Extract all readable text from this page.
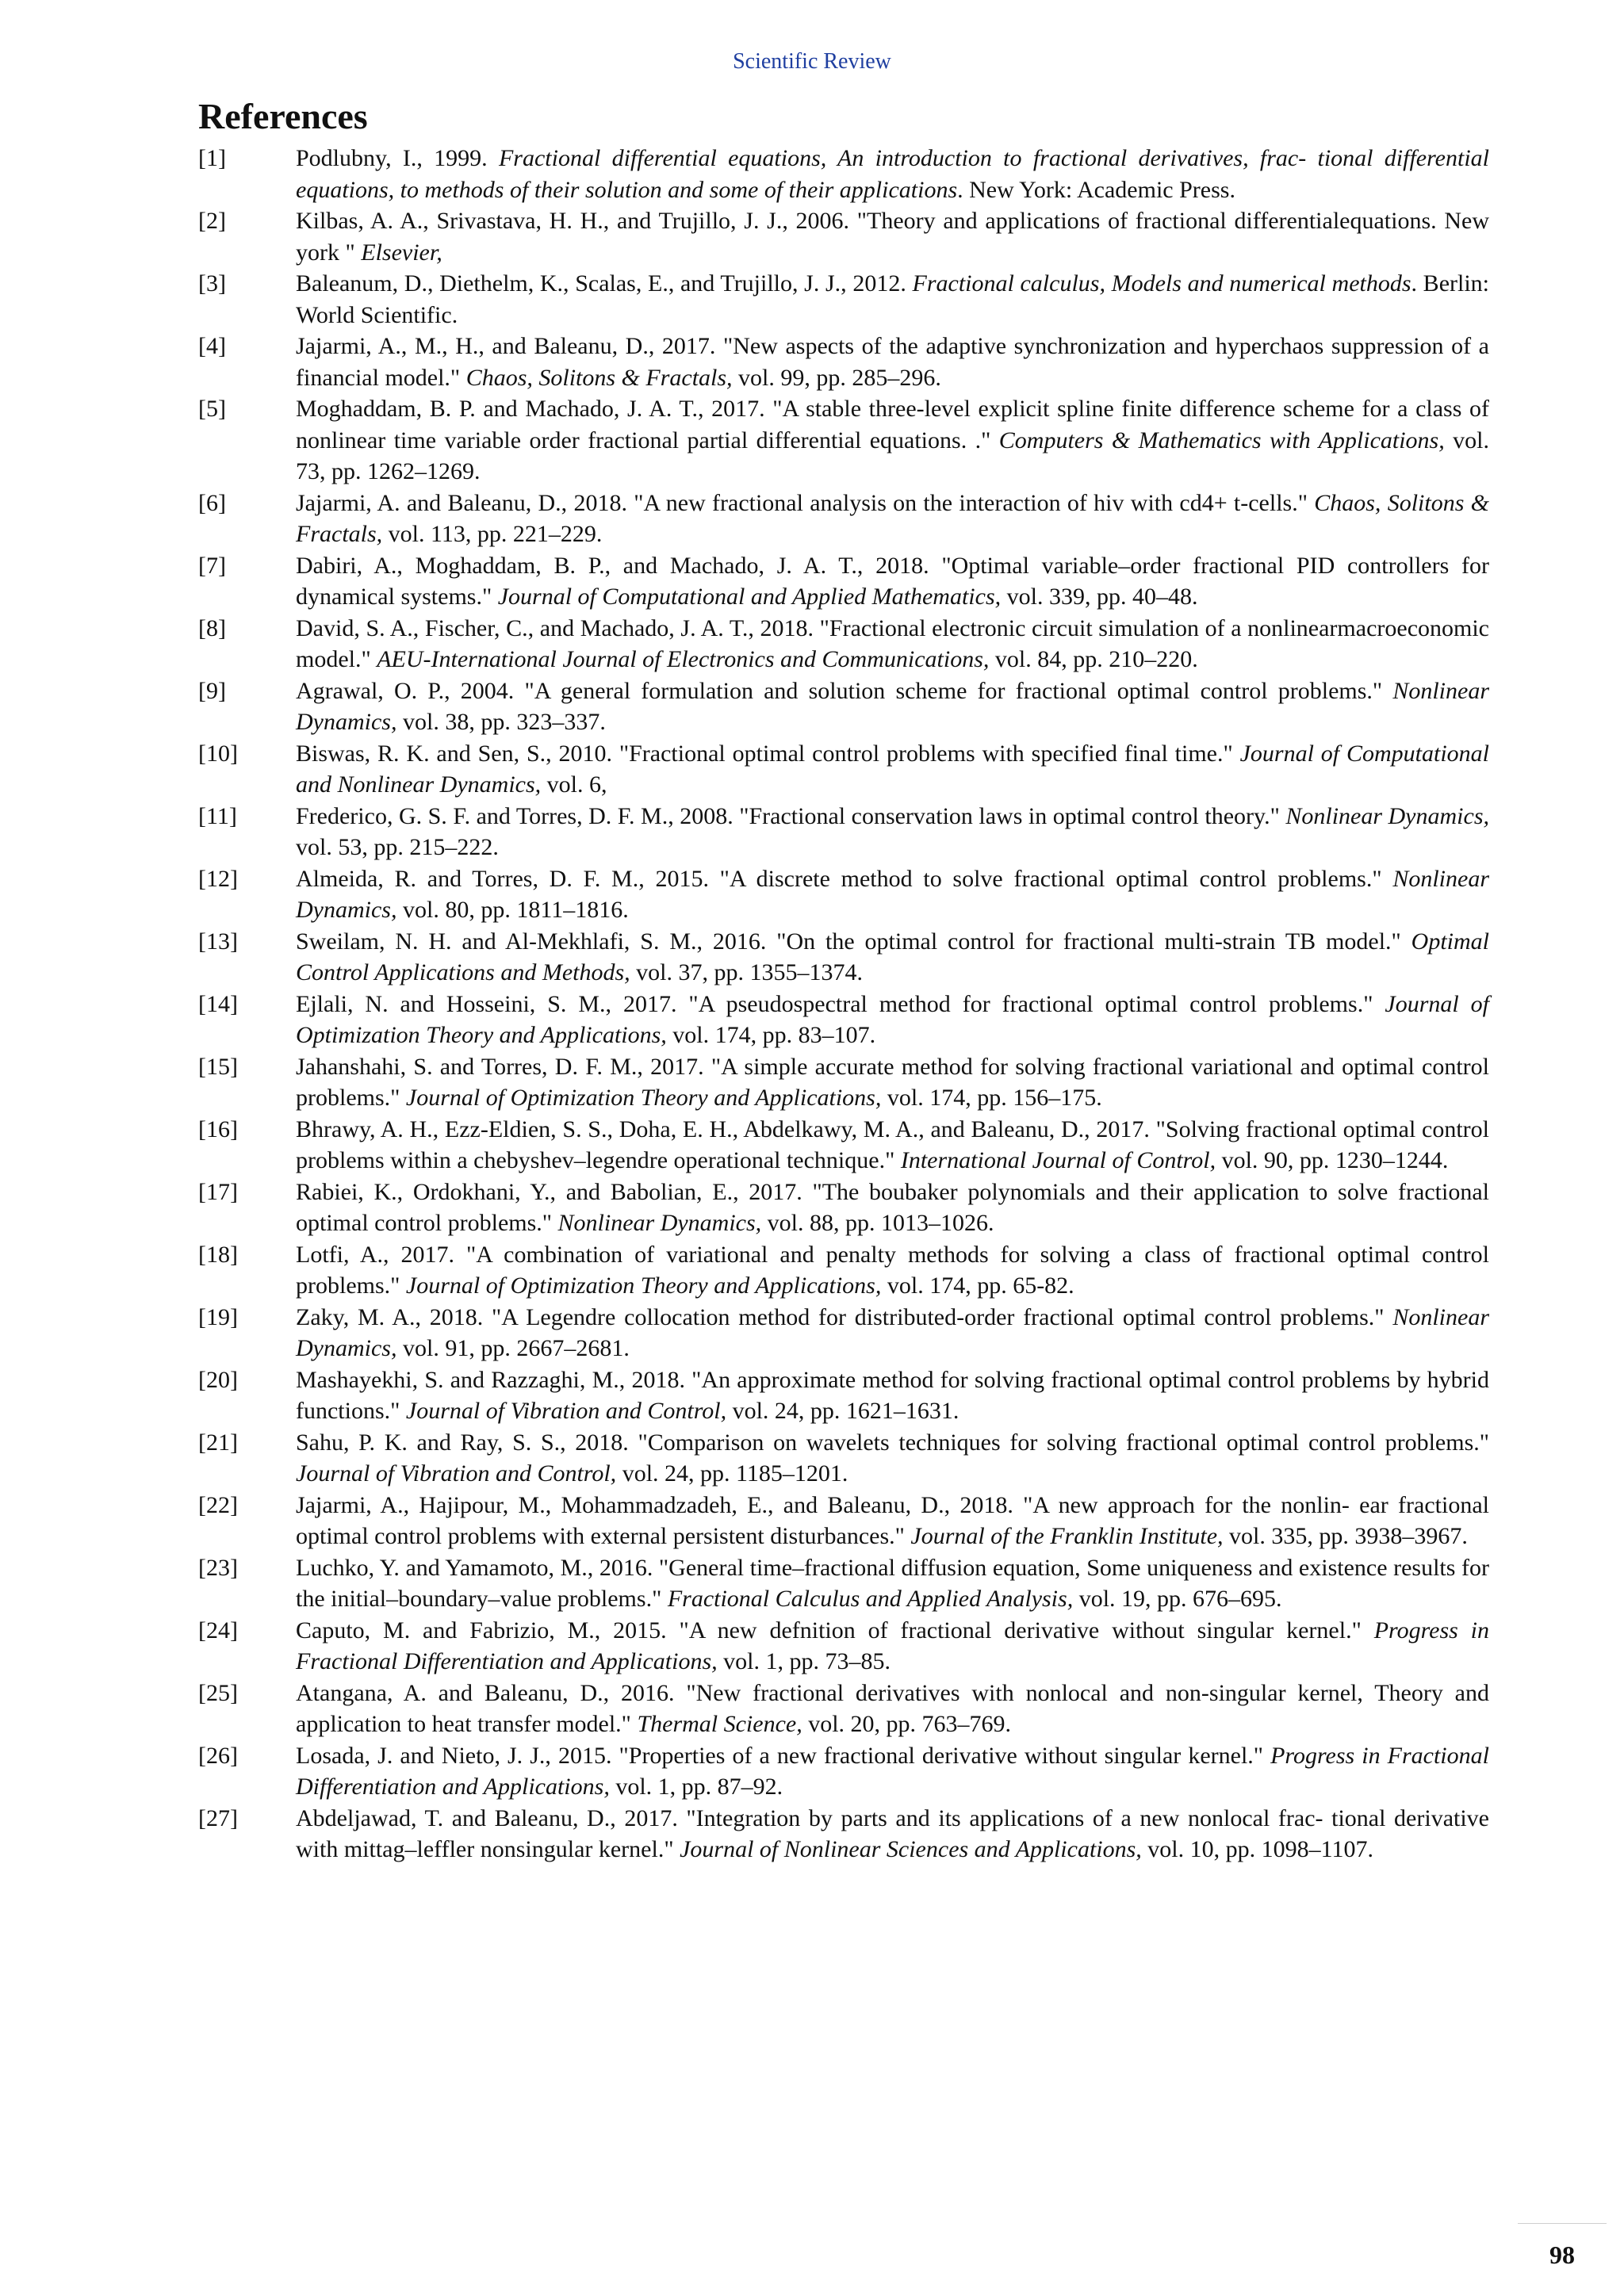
Scientific Review
References
[1]	Podlubny, I., 1999. Fractional differential equations, An introduction to fractional derivatives, frac- tional differential equations, to methods of their solution and some of their applications. New York: Academic Press.
[2]	Kilbas, A. A., Srivastava, H. H., and Trujillo, J. J., 2006. "Theory and applications of fractional differentialequations. New york " Elsevier,
[3]	Baleanum, D., Diethelm, K., Scalas, E., and Trujillo, J. J., 2012. Fractional calculus, Models and numerical methods. Berlin: World Scientific.
[4]	Jajarmi, A., M., H., and Baleanu, D., 2017. "New aspects of the adaptive synchronization and hyperchaos suppression of a financial model." Chaos, Solitons & Fractals, vol. 99, pp. 285–296.
[5]	Moghaddam, B. P. and Machado, J. A. T., 2017. "A stable three-level explicit spline finite difference scheme for a class of nonlinear time variable order fractional partial differential equations. ." Computers & Mathematics with Applications, vol. 73, pp. 1262–1269.
[6]	Jajarmi, A. and Baleanu, D., 2018. "A new fractional analysis on the interaction of hiv with cd4+ t-cells." Chaos, Solitons & Fractals, vol. 113, pp. 221–229.
[7]	Dabiri, A., Moghaddam, B. P., and Machado, J. A. T., 2018. "Optimal variable–order fractional PID controllers for dynamical systems." Journal of Computational and Applied Mathematics, vol. 339, pp. 40–48.
[8]	David, S. A., Fischer, C., and Machado, J. A. T., 2018. "Fractional electronic circuit simulation of a nonlinearmacroeconomic model." AEU-International Journal of Electronics and Communications, vol. 84, pp. 210–220.
[9]	Agrawal, O. P., 2004. "A general formulation and solution scheme for fractional optimal control problems." Nonlinear Dynamics, vol. 38, pp. 323–337.
[10]	Biswas, R. K. and Sen, S., 2010. "Fractional optimal control problems with specified final time." Journal of Computational and Nonlinear Dynamics, vol. 6,
[11]	Frederico, G. S. F. and Torres, D. F. M., 2008. "Fractional conservation laws in optimal control theory." Nonlinear Dynamics, vol. 53, pp. 215–222.
[12]	Almeida, R. and Torres, D. F. M., 2015. "A discrete method to solve fractional optimal control problems." Nonlinear Dynamics, vol. 80, pp. 1811–1816.
[13]	Sweilam, N. H. and Al-Mekhlafi, S. M., 2016. "On the optimal control for fractional multi-strain TB model." Optimal Control Applications and Methods, vol. 37, pp. 1355–1374.
[14]	Ejlali, N. and Hosseini, S. M., 2017. "A pseudospectral method for fractional optimal control problems." Journal of Optimization Theory and Applications, vol. 174, pp. 83–107.
[15]	Jahanshahi, S. and Torres, D. F. M., 2017. "A simple accurate method for solving fractional variational and optimal control problems." Journal of Optimization Theory and Applications, vol. 174, pp. 156–175.
[16]	Bhrawy, A. H., Ezz-Eldien, S. S., Doha, E. H., Abdelkawy, M. A., and Baleanu, D., 2017. "Solving fractional optimal control problems within a chebyshev–legendre operational technique." International Journal of Control, vol. 90, pp. 1230–1244.
[17]	Rabiei, K., Ordokhani, Y., and Babolian, E., 2017. "The boubaker polynomials and their application to solve fractional optimal control problems." Nonlinear Dynamics, vol. 88, pp. 1013–1026.
[18]	Lotfi, A., 2017. "A combination of variational and penalty methods for solving a class of fractional optimal control problems." Journal of Optimization Theory and Applications, vol. 174, pp. 65-82.
[19]	Zaky, M. A., 2018. "A Legendre collocation method for distributed-order fractional optimal control problems." Nonlinear Dynamics, vol. 91, pp. 2667–2681.
[20]	Mashayekhi, S. and Razzaghi, M., 2018. "An approximate method for solving fractional optimal control problems by hybrid functions." Journal of Vibration and Control, vol. 24, pp. 1621–1631.
[21]	Sahu, P. K. and Ray, S. S., 2018. "Comparison on wavelets techniques for solving fractional optimal control problems." Journal of Vibration and Control, vol. 24, pp. 1185–1201.
[22]	Jajarmi, A., Hajipour, M., Mohammadzadeh, E., and Baleanu, D., 2018. "A new approach for the nonlin- ear fractional optimal control problems with external persistent disturbances." Journal of the Franklin Institute, vol. 335, pp. 3938–3967.
[23]	Luchko, Y. and Yamamoto, M., 2016. "General time–fractional diffusion equation, Some uniqueness and existence results for the initial–boundary–value problems." Fractional Calculus and Applied Analysis, vol. 19, pp. 676–695.
[24]	Caputo, M. and Fabrizio, M., 2015. "A new defnition of fractional derivative without singular kernel." Progress in Fractional Differentiation and Applications, vol. 1, pp. 73–85.
[25]	Atangana, A. and Baleanu, D., 2016. "New fractional derivatives with nonlocal and non-singular kernel, Theory and application to heat transfer model." Thermal Science, vol. 20, pp. 763–769.
[26]	Losada, J. and Nieto, J. J., 2015. "Properties of a new fractional derivative without singular kernel." Progress in Fractional Differentiation and Applications, vol. 1, pp. 87–92.
[27]	Abdeljawad, T. and Baleanu, D., 2017. "Integration by parts and its applications of a new nonlocal frac- tional derivative with mittag–leffler nonsingular kernel." Journal of Nonlinear Sciences and Applications, vol. 10, pp. 1098–1107.
98
